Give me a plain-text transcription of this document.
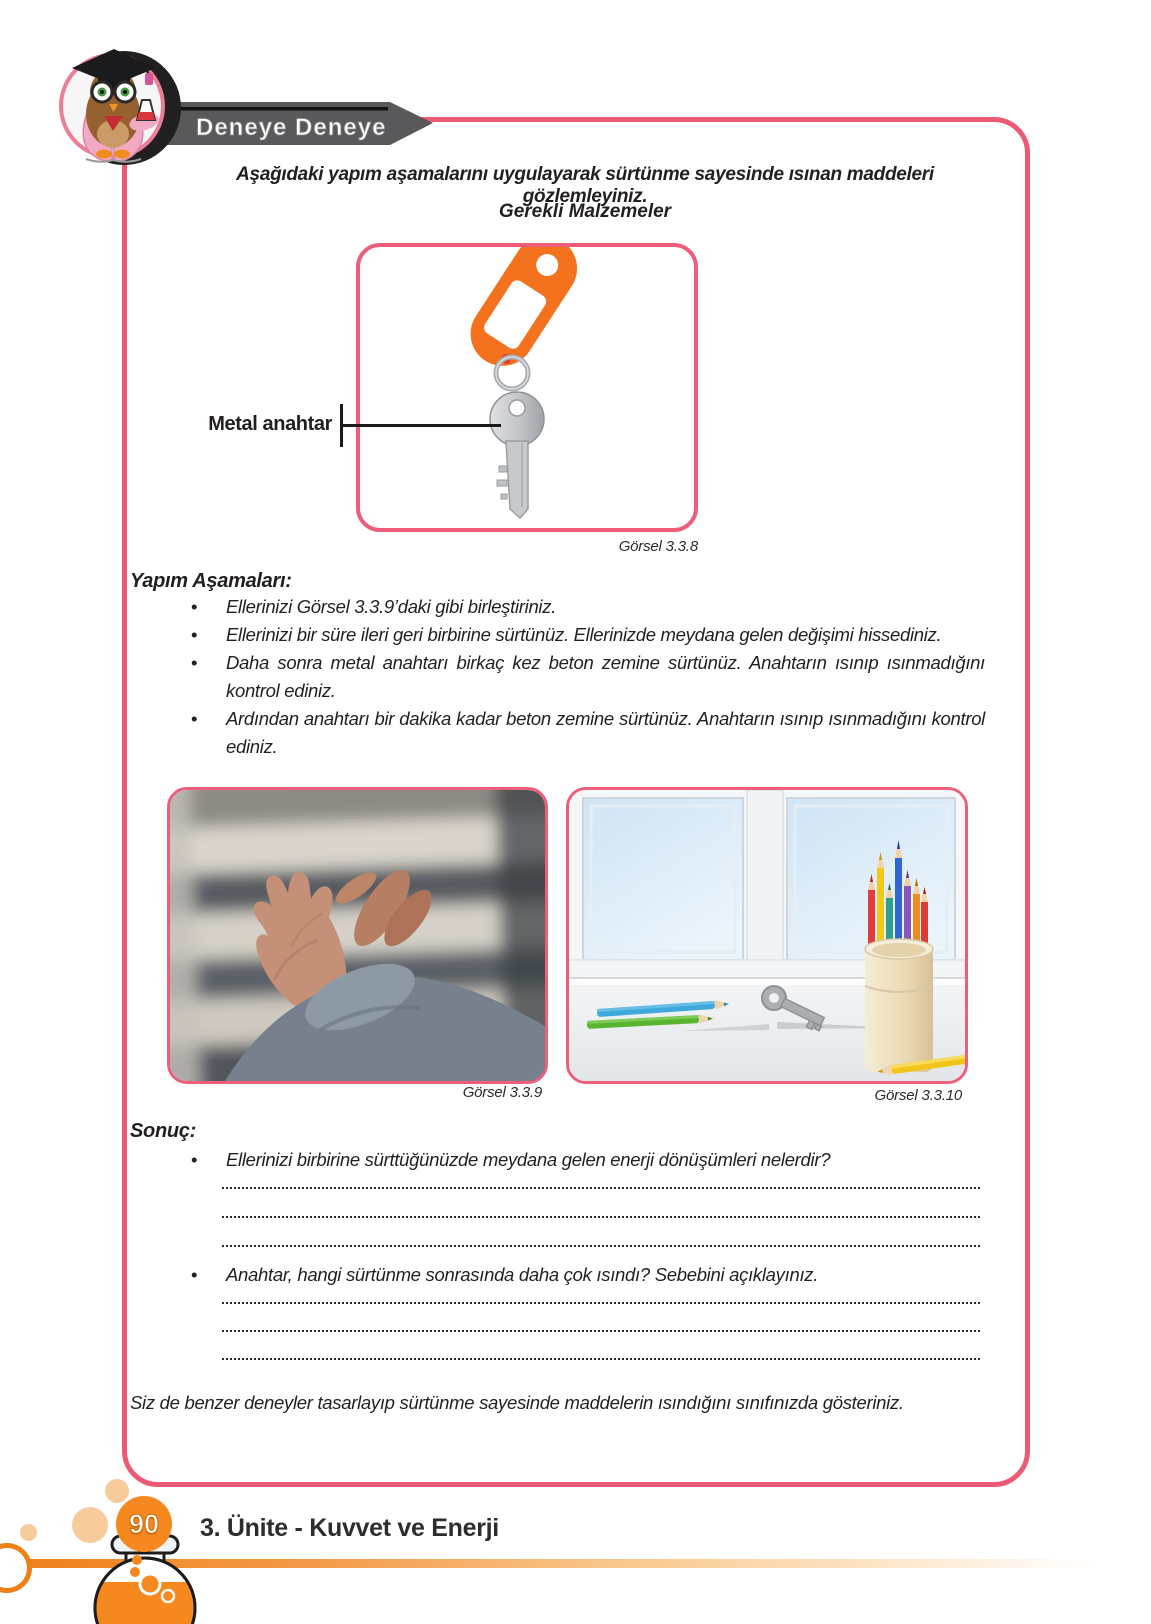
Deneye Deneye
Aşağıdaki yapım aşamalarını uygulayarak sürtünme sayesinde ısınan maddeleri gözlemleyiniz.
Gerekli Malzemeler
Metal anahtar
Görsel 3.3.8
Yapım Aşamaları:
•
Ellerinizi Görsel 3.3.9’daki gibi birleştiriniz.
•
Ellerinizi bir süre ileri geri birbirine sürtünüz. Ellerinizde meydana gelen değişimi hissediniz.
•
Daha sonra metal anahtarı birkaç kez beton zemine sürtünüz. Anahtarın ısınıp ısınmadığını kontrol ediniz.
•
Ardından anahtarı bir dakika kadar beton zemine sürtünüz. Anahtarın ısınıp ısınmadığını kontrol ediniz.
Görsel 3.3.9	Görsel 3.3.10
Sonuç:
•
Ellerinizi birbirine sürttüğünüzde meydana gelen enerji dönüşümleri nelerdir?
•
Anahtar, hangi sürtünme sonrasında daha çok ısındı? Sebebini açıklayınız.
Siz de benzer deneyler tasarlayıp sürtünme sayesinde maddelerin ısındığını sınıfınızda gösteriniz.
90 3. Ünite - Kuvvet ve Enerji
